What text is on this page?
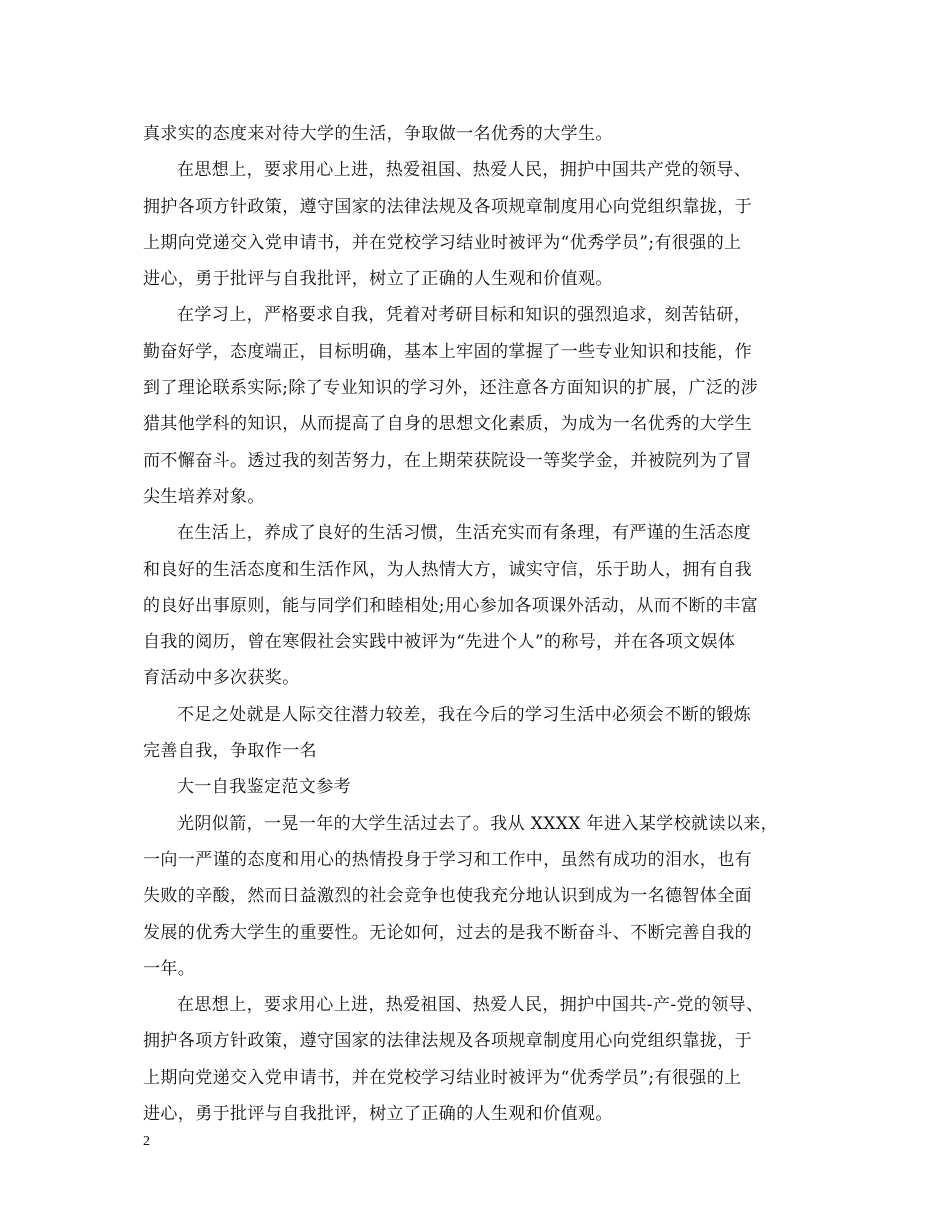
真求实的态度来对待大学的生活，争取做一名优秀的大学生。
在思想上，要求用心上进，热爱祖国、热爱人民，拥护中国共产党的领导、
拥护各项方针政策，遵守国家的法律法规及各项规章制度用心向党组织靠拢，于
上期向党递交入党申请书，并在党校学习结业时被评为“优秀学员”;有很强的上
进心，勇于批评与自我批评，树立了正确的人生观和价值观。
在学习上，严格要求自我，凭着对考研目标和知识的强烈追求，刻苦钻研，
勤奋好学，态度端正，目标明确，基本上牢固的掌握了一些专业知识和技能，作
到了理论联系实际;除了专业知识的学习外，还注意各方面知识的扩展，广泛的涉
猎其他学科的知识，从而提高了自身的思想文化素质，为成为一名优秀的大学生
而不懈奋斗。透过我的刻苦努力，在上期荣获院设一等奖学金，并被院列为了冒
尖生培养对象。
在生活上，养成了良好的生活习惯，生活充实而有条理，有严谨的生活态度
和良好的生活态度和生活作风，为人热情大方，诚实守信，乐于助人，拥有自我
的良好出事原则，能与同学们和睦相处;用心参加各项课外活动，从而不断的丰富
自我的阅历，曾在寒假社会实践中被评为“先进个人”的称号，并在各项文娱体
育活动中多次获奖。
不足之处就是人际交往潜力较差，我在今后的学习生活中必须会不断的锻炼
完善自我，争取作一名
大一自我鉴定范文参考
光阴似箭，一晃一年的大学生活过去了。我从 XXXX 年进入某学校就读以来，
一向一严谨的态度和用心的热情投身于学习和工作中，虽然有成功的泪水，也有
失败的辛酸，然而日益激烈的社会竞争也使我充分地认识到成为一名德智体全面
发展的优秀大学生的重要性。无论如何，过去的是我不断奋斗、不断完善自我的
一年。
在思想上，要求用心上进，热爱祖国、热爱人民，拥护中国共-产-党的领导、
拥护各项方针政策，遵守国家的法律法规及各项规章制度用心向党组织靠拢，于
上期向党递交入党申请书，并在党校学习结业时被评为“优秀学员”;有很强的上
进心，勇于批评与自我批评，树立了正确的人生观和价值观。
2
